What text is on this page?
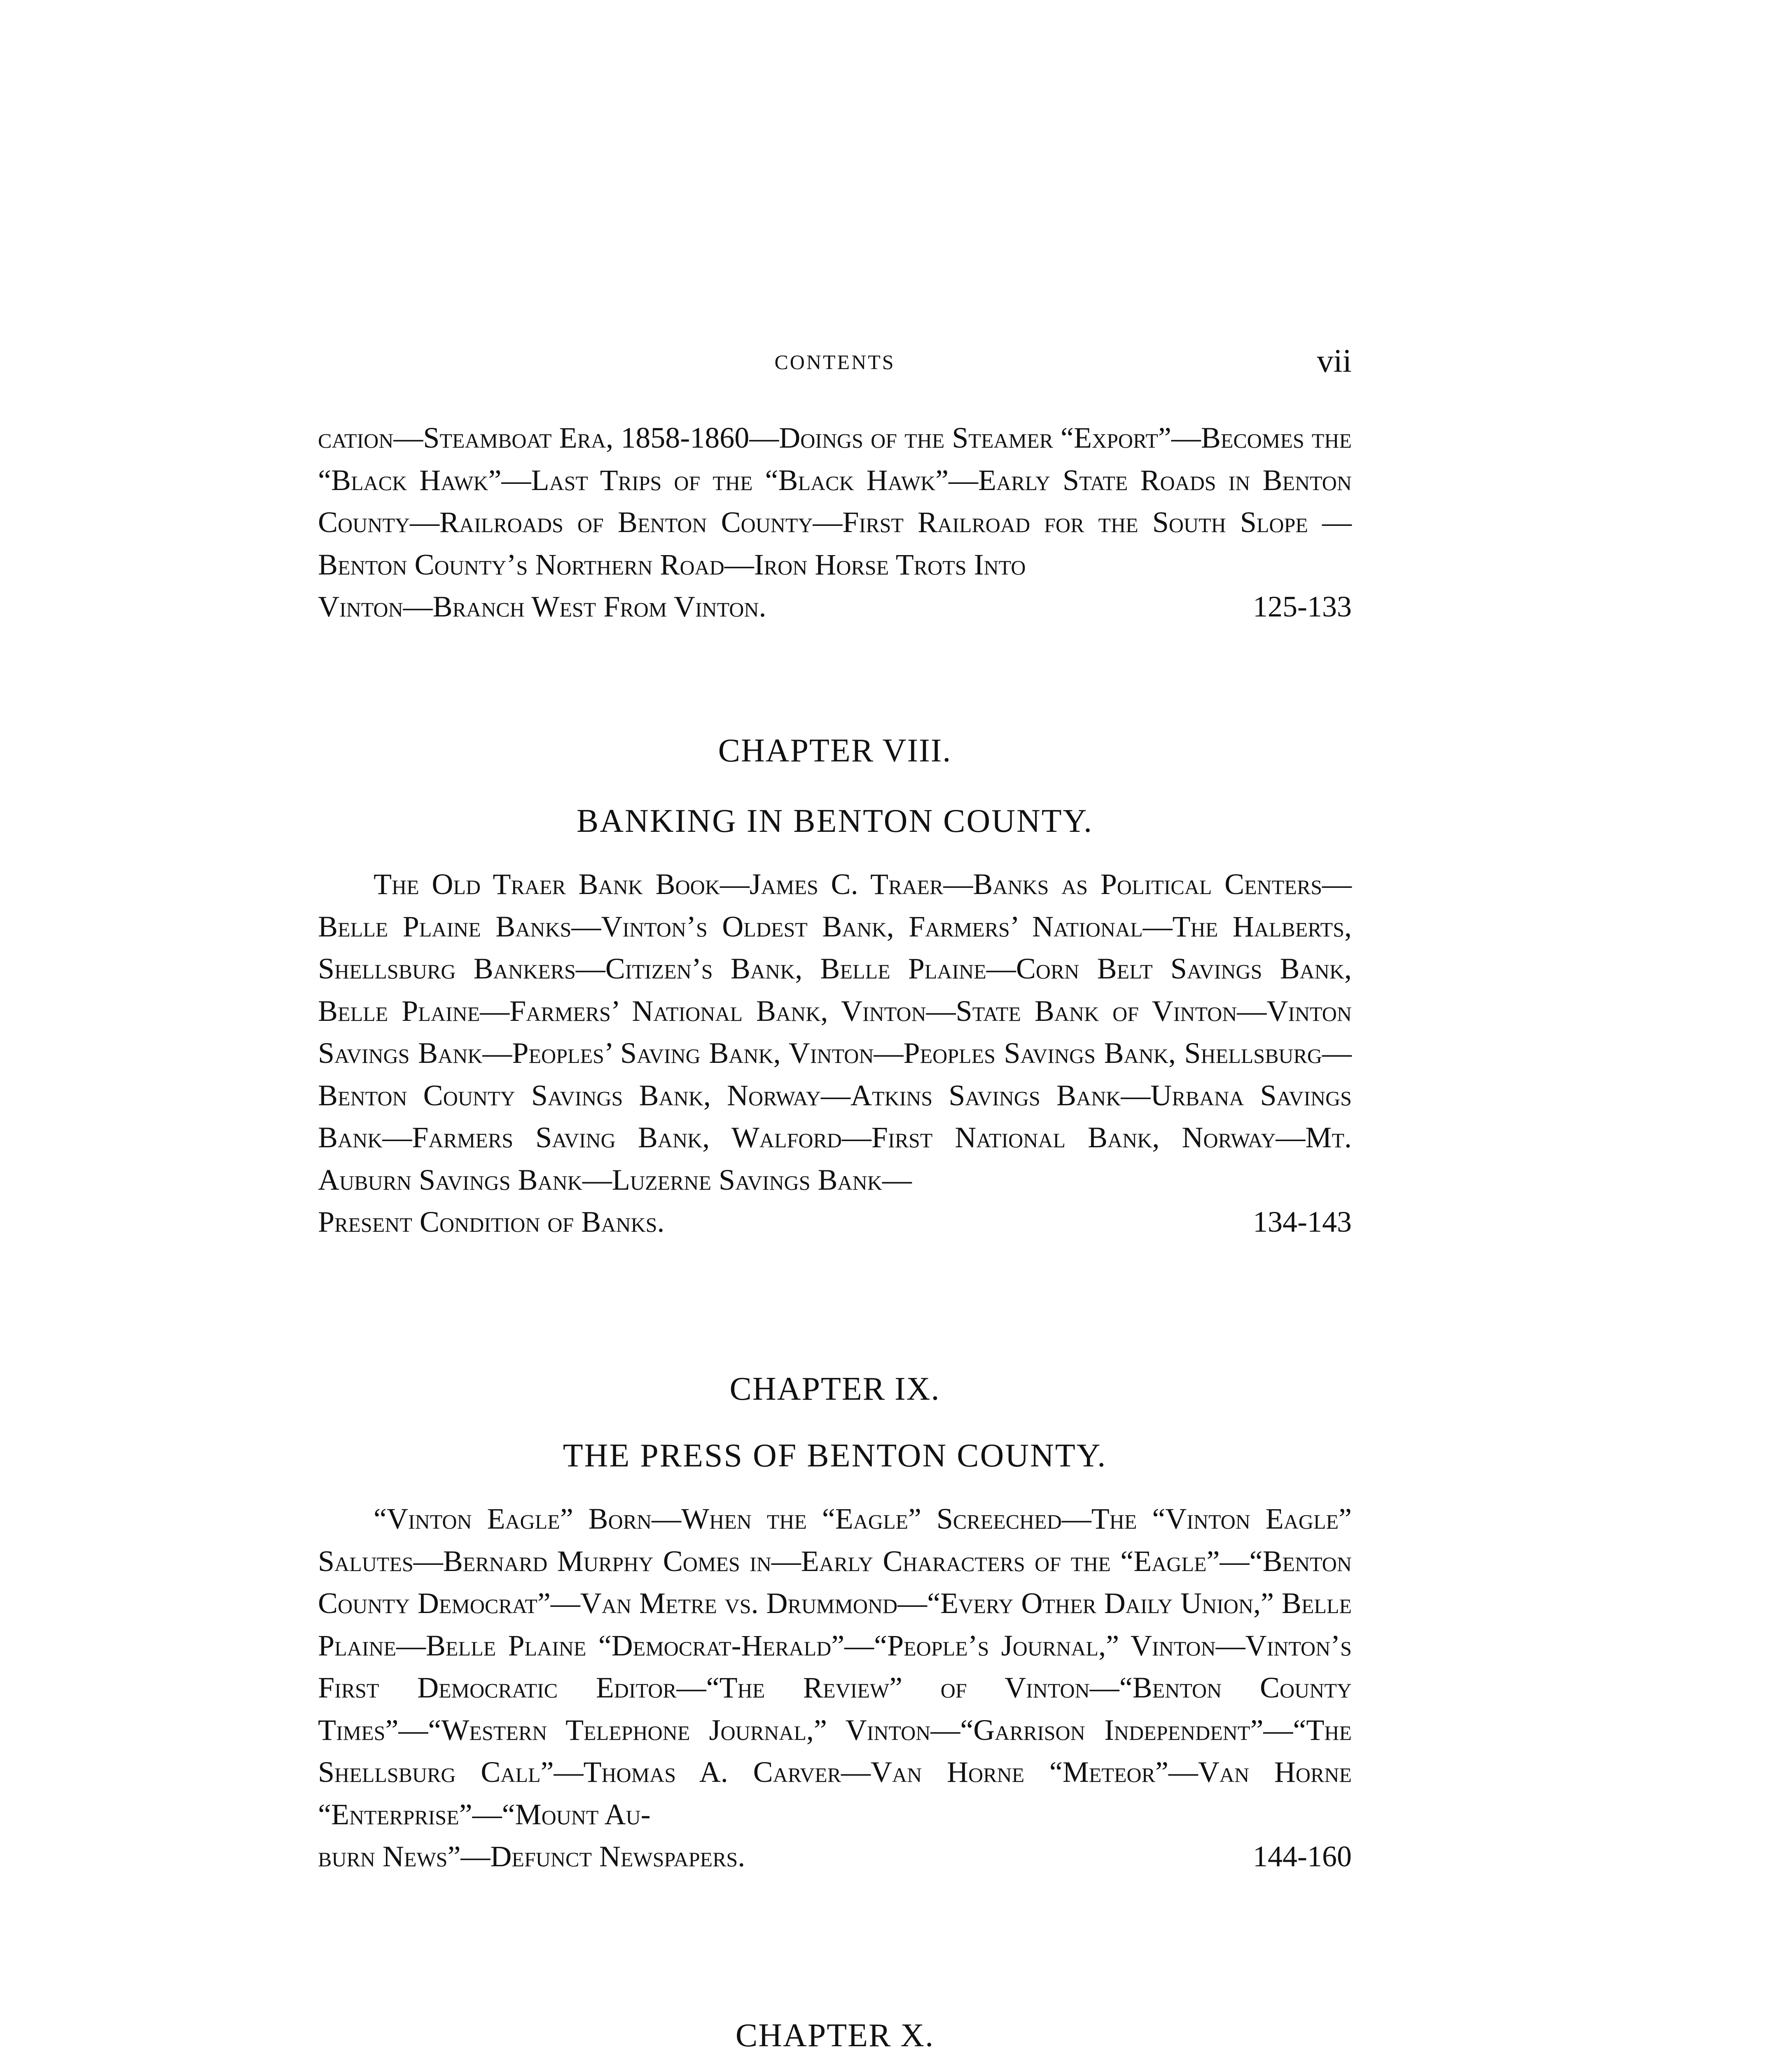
CONTENTS	vii
cation—Steamboat Era, 1858-1860—Doings of the Steamer “Export”—Becomes the “Black Hawk”—Last Trips of the “Black Hawk”—Early State Roads in Benton County—Railroads of Benton County—First Railroad for the South Slope —Benton County’s Northern Road—Iron Horse Trots Into
Vinton—Branch West From Vinton.	125-133
CHAPTER VIII.
BANKING IN BENTON COUNTY.
The Old Traer Bank Book—James C. Traer—Banks as Political Centers—Belle Plaine Banks—Vinton’s Oldest Bank, Farmers’ National—The Halberts, Shellsburg Bankers—Citizen’s Bank, Belle Plaine—Corn Belt Savings Bank, Belle Plaine—Farmers’ National Bank, Vinton—State Bank of Vinton—Vinton Savings Bank—Peoples’ Saving Bank, Vinton—Peoples Savings Bank, Shellsburg—Benton County Savings Bank, Norway—Atkins Savings Bank—Urbana Savings Bank—Farmers Saving Bank, Walford—First National Bank, Norway—Mt. Auburn Savings Bank—Luzerne Savings Bank—
Present Condition of Banks.	134-143
CHAPTER IX.
THE PRESS OF BENTON COUNTY.
“Vinton Eagle” Born—When the “Eagle” Screeched—The “Vinton Eagle” Salutes—Bernard Murphy Comes in—Early Characters of the “Eagle”—“Benton County Democrat”—Van Metre vs. Drummond—“Every Other Daily Union,” Belle Plaine—Belle Plaine “Democrat-Herald”—“People’s Journal,” Vinton—Vinton’s First Democratic Editor—“The Review” of Vinton—“Benton County Times”—“Western Telephone Journal,” Vinton—“Garrison Independent”—“The Shellsburg Call”—Thomas A. Carver—Van Horne “Meteor”—Van Horne “Enterprise”—“Mount Au-
burn News”—Defunct Newspapers.	144-160
CHAPTER X.
